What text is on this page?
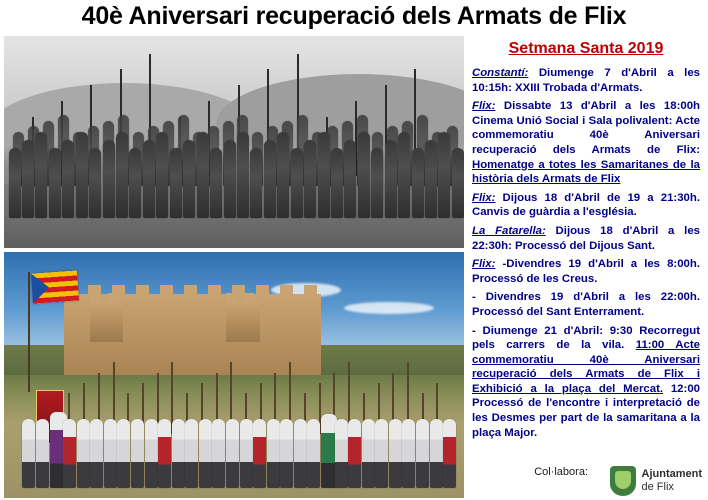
40è Aniversari recuperació dels Armats de Flix
Setmana Santa 2019
Constantí: Diumenge 7 d'Abril a les 10:15h: XXIII Trobada d'Armats.
Flix: Dissabte 13 d'Abril a les 18:00h Cinema Unió Social i Sala polivalent: Acte commemoratiu 40è Aniversari recuperació dels Armats de Flix: Homenatge a totes les Samaritanes de la història dels Armats de Flix
Flix: Dijous 18 d'Abril de 19 a 21:30h. Canvis de guàrdia a l'església.
La Fatarella: Dijous 18 d'Abril a les 22:30h: Processó del Dijous Sant.
Flix: -Divendres 19 d'Abril a les 8:00h. Processó de les Creus.
- Divendres 19 d'Abril a les 22:00h. Processó del Sant Enterrament.
- Diumenge 21 d'Abril: 9:30 Recorregut pels carrers de la vila. 11:00 Acte commemoratiu 40è Aniversari recuperació dels Armats de Flix i Exhibició a la plaça del Mercat. 12:00 Processó de l'encontre i interpretació de les Desmes per part de la samaritana a la plaça Major.
Col·labora:	Ajuntament
de Flix
